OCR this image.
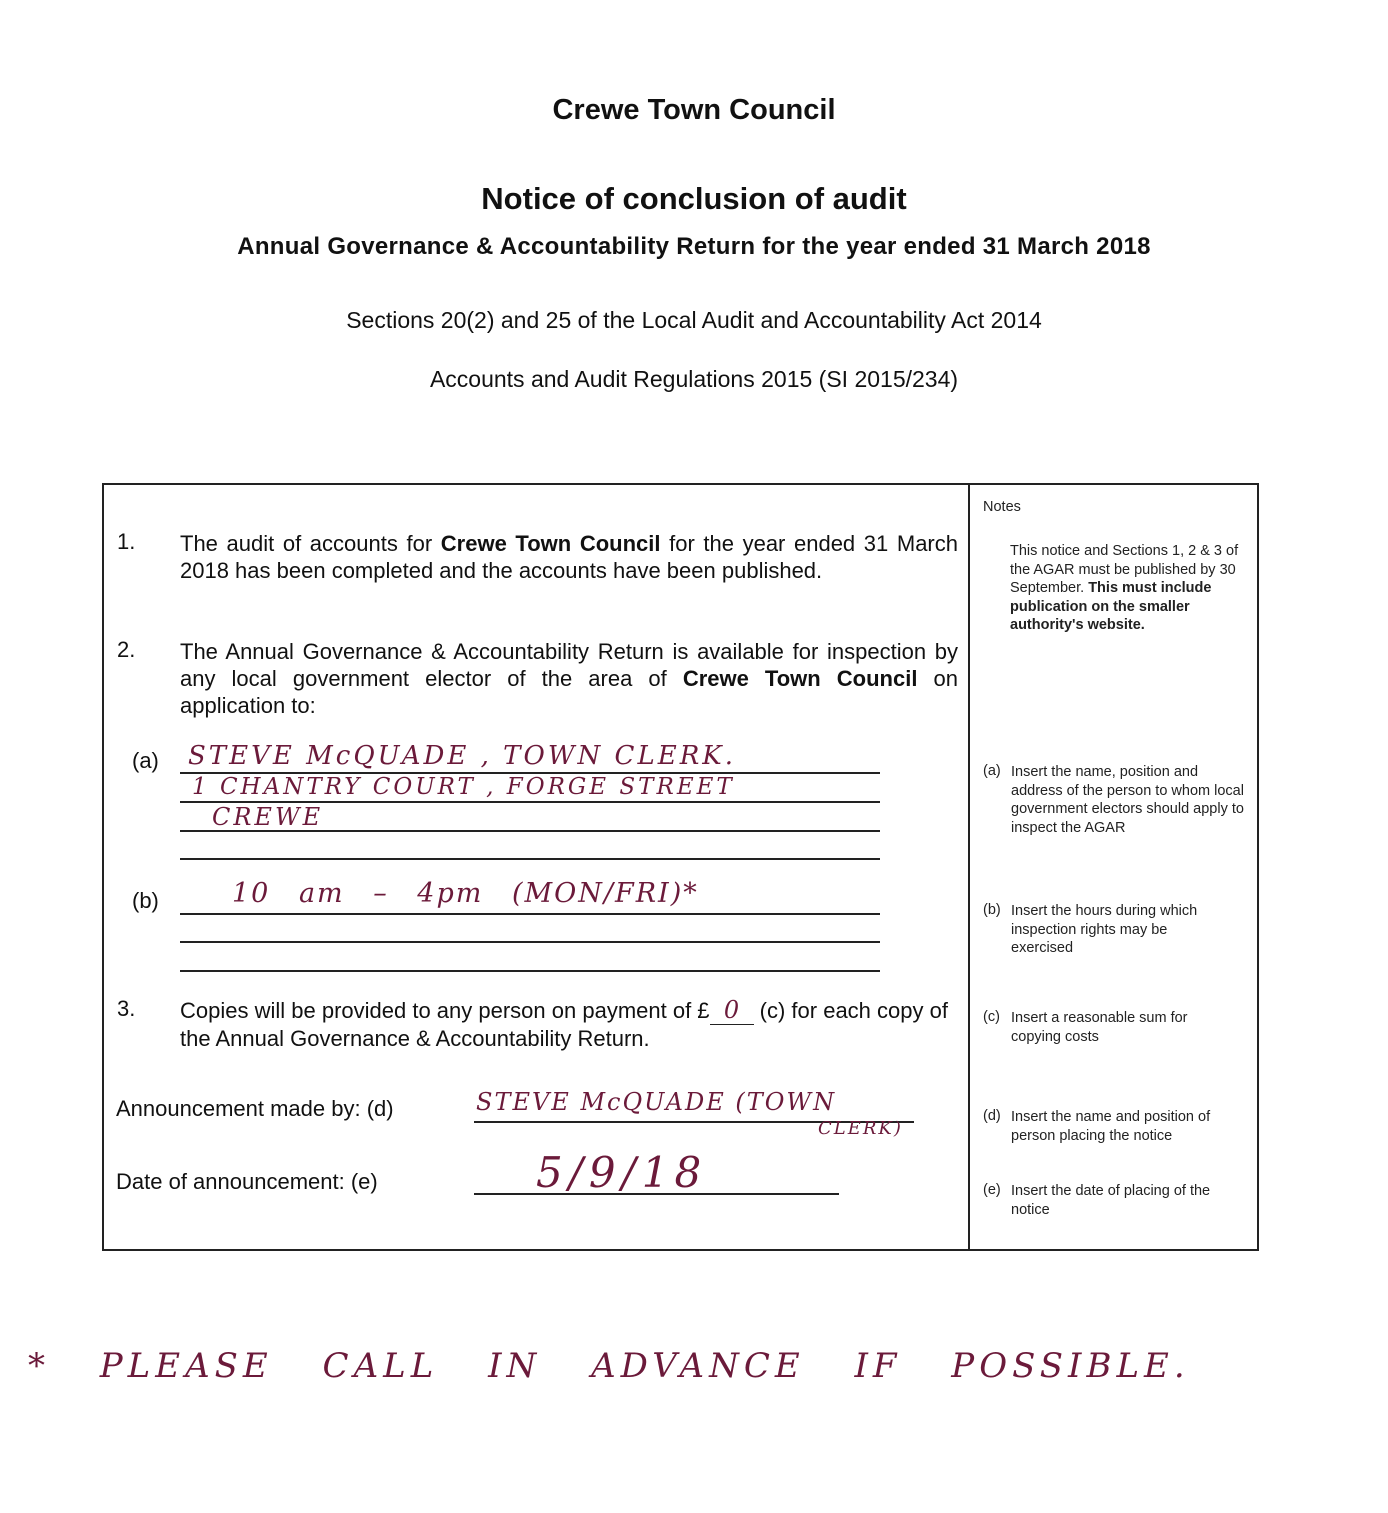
Crewe Town Council
Notice of conclusion of audit
Annual Governance & Accountability Return for the year ended 31 March 2018
Sections 20(2) and 25 of the Local Audit and Accountability Act 2014
Accounts and Audit Regulations 2015 (SI 2015/234)
1. The audit of accounts for Crewe Town Council for the year ended 31 March 2018 has been completed and the accounts have been published.
2. The Annual Governance & Accountability Return is available for inspection by any local government elector of the area of Crewe Town Council on application to:
(a) STEVE McQUADE , TOWN CLERK.
1 CHANTRY COURT , FORGE STREET
CREWE
(b)	10 am – 4pm (MON/FRI)*
3. Copies will be provided to any person on payment of £ 0 (c) for each copy of the Annual Governance & Accountability Return.
Announcement made by: (d)	STEVE McQUADE (TOWN
CLERK)
Date of announcement: (e)	5/9/18
Notes
This notice and Sections 1, 2 & 3 of the AGAR must be published by 30 September. This must include publication on the smaller authority's website.
(a) Insert the name, position and address of the person to whom local government electors should apply to inspect the AGAR
(b) Insert the hours during which inspection rights may be exercised
(c) Insert a reasonable sum for copying costs
(d) Insert the name and position of person placing the notice
(e) Insert the date of placing of the notice
* PLEASE CALL IN ADVANCE IF POSSIBLE.
